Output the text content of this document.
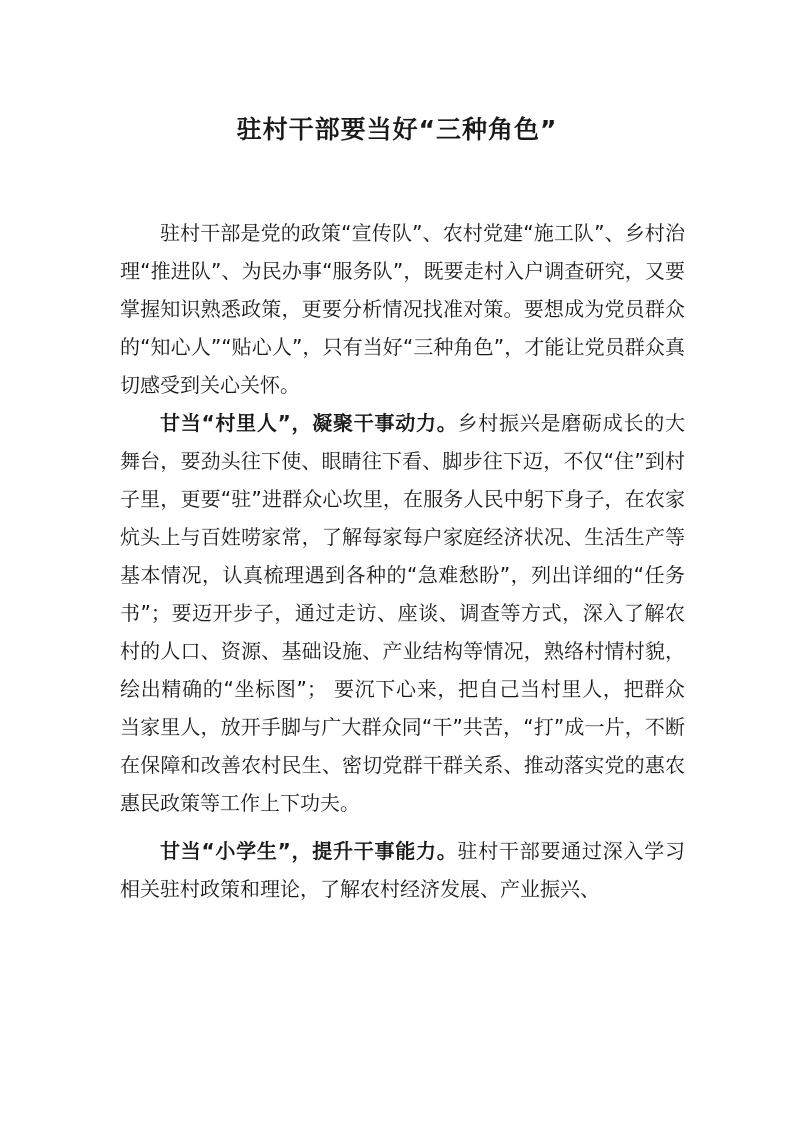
驻村干部要当好“三种角色”

驻村干部是党的政策“宣传队”、农村党建“施工队”、乡村治理“推进队”、为民办事“服务队”，既要走村入户调查研究，又要掌握知识熟悉政策，更要分析情况找准对策。要想成为党员群众的“知心人”“贴心人”，只有当好“三种角色”，才能让党员群众真切感受到关心关怀。

甘当“村里人”，凝聚干事动力。乡村振兴是磨砺成长的大舞台，要劲头往下使、眼睛往下看、脚步往下迈，不仅“住”到村子里，更要“驻”进群众心坎里，在服务人民中躬下身子，在农家炕头上与百姓唠家常，了解每家每户家庭经济状况、生活生产等基本情况，认真梳理遇到各种的“急难愁盼”，列出详细的“任务书”；要迈开步子，通过走访、座谈、调查等方式，深入了解农村的人口、资源、基础设施、产业结构等情况，熟络村情村貌，绘出精确的“坐标图”； 要沉下心来，把自己当村里人，把群众当家里人，放开手脚与广大群众同“干”共苦，“打”成一片，不断在保障和改善农村民生、密切党群干群关系、推动落实党的惠农惠民政策等工作上下功夫。

甘当“小学生”，提升干事能力。驻村干部要通过深入学习相关驻村政策和理论，了解农村经济发展、产业振兴、
